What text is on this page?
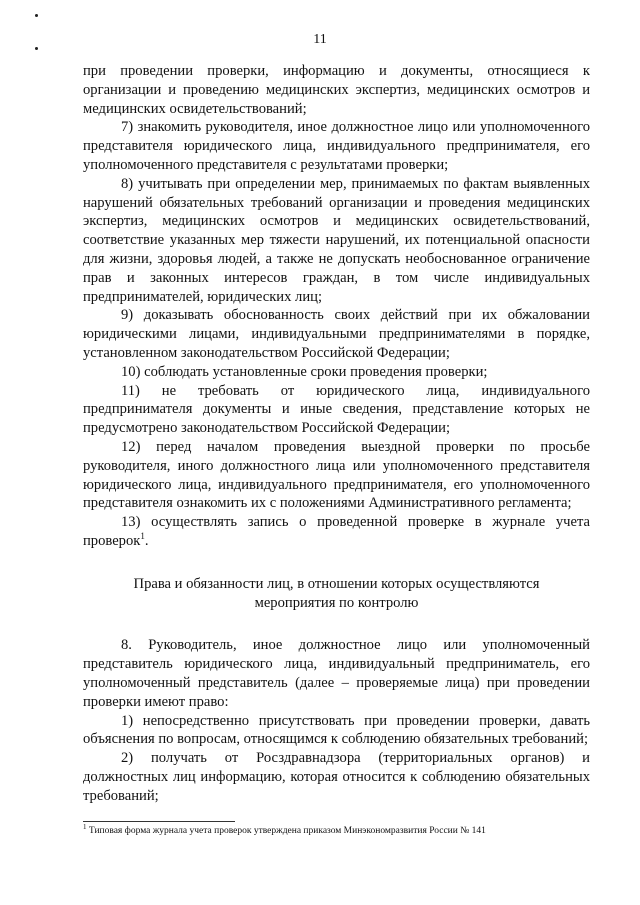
11

при проведении проверки, информацию и документы, относящиеся к организации и проведению медицинских экспертиз, медицинских осмотров и медицинских освидетельствований;

7) знакомить руководителя, иное должностное лицо или уполномоченного представителя юридического лица, индивидуального предпринимателя, его уполномоченного представителя с результатами проверки;

8) учитывать при определении мер, принимаемых по фактам выявленных нарушений обязательных требований организации и проведения медицинских экспертиз, медицинских осмотров и медицинских освидетельствований, соответствие указанных мер тяжести нарушений, их потенциальной опасности для жизни, здоровья людей, а также не допускать необоснованное ограничение прав и законных интересов граждан, в том числе индивидуальных предпринимателей, юридических лиц;

9) доказывать обоснованность своих действий при их обжаловании юридическими лицами, индивидуальными предпринимателями в порядке, установленном законодательством Российской Федерации;

10) соблюдать установленные сроки проведения проверки;

11) не требовать от юридического лица, индивидуального предпринимателя документы и иные сведения, представление которых не предусмотрено законодательством Российской Федерации;

12) перед началом проведения выездной проверки по просьбе руководителя, иного должностного лица или уполномоченного представителя юридического лица, индивидуального предпринимателя, его уполномоченного представителя ознакомить их с положениями Административного регламента;

13) осуществлять запись о проведенной проверке в журнале учета проверок$^1$.

Права и обязанности лиц, в отношении которых осуществляются мероприятия по контролю

8. Руководитель, иное должностное лицо или уполномоченный представитель юридического лица, индивидуальный предприниматель, его уполномоченный представитель (далее – проверяемые лица) при проведении проверки имеют право:

1) непосредственно присутствовать при проведении проверки, давать объяснения по вопросам, относящимся к соблюдению обязательных требований;

2) получать от Росздравнадзора (территориальных органов) и должностных лиц информацию, которая относится к соблюдению обязательных требований;

$^1$ Типовая форма журнала учета проверок утверждена приказом Минэкономразвития России № 141
